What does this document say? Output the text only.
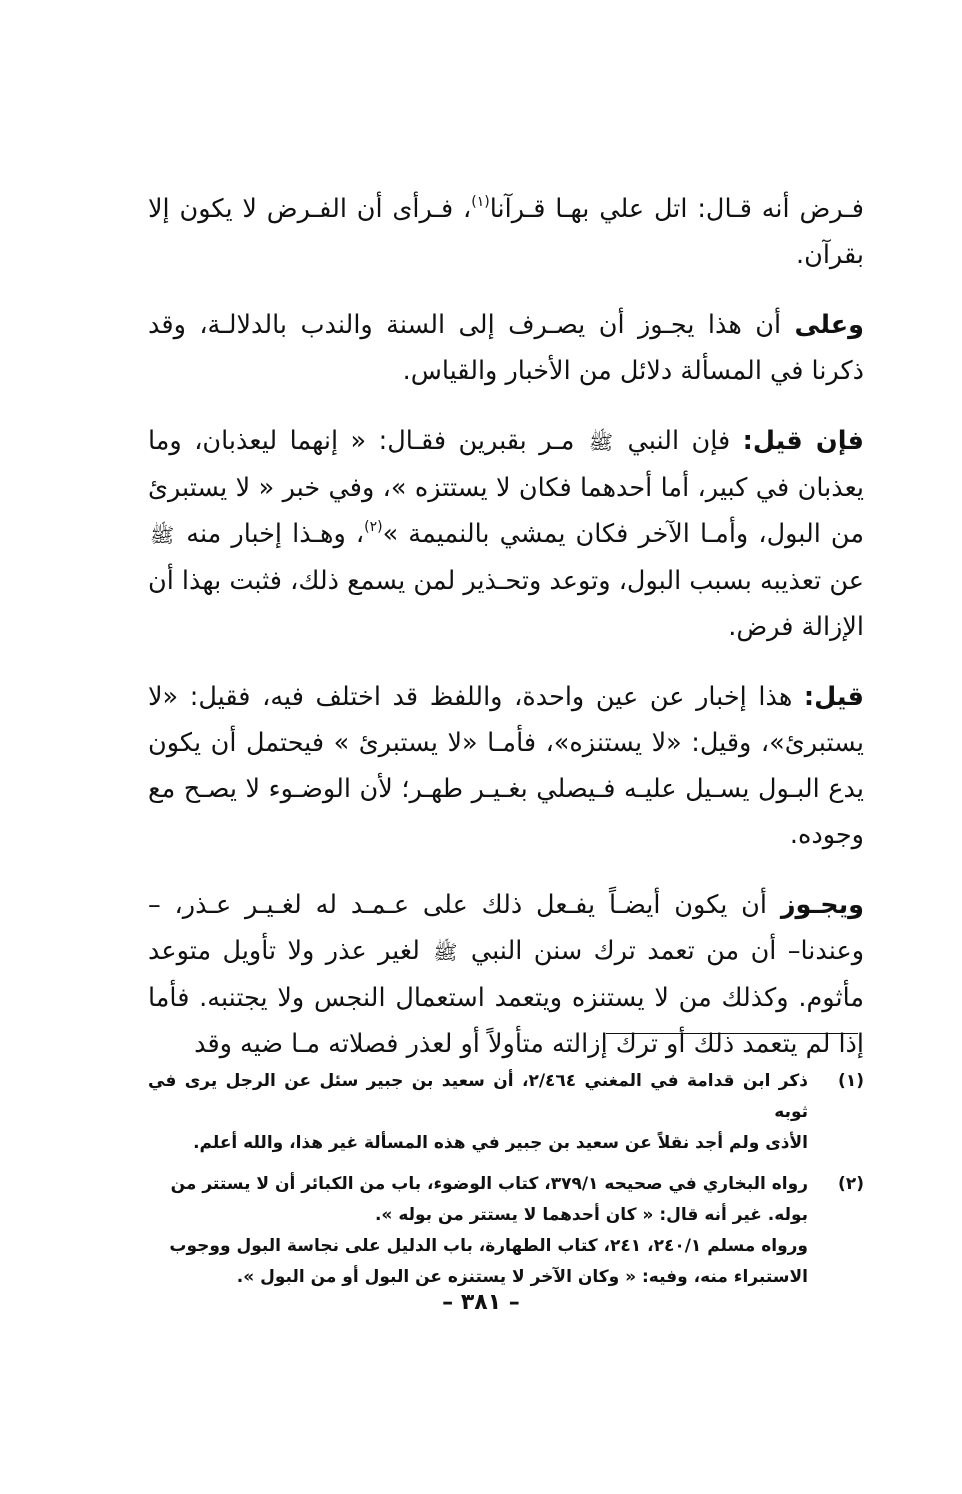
فـرض أنه قـال: اتل علي بهـا قـرآنا$^{(١)}$، فـرأى أن الفـرض لا يكون إلا بقرآن.

وعلى أن هذا يجـوز أن يصـرف إلى السنة والندب بالدلالـة، وقد ذكرنا في المسألة دلائل من الأخبار والقياس.

فإن قيل: فإن النبي ﷺ مـر بقبرين فقـال: « إنهما ليعذبان، وما يعذبان في كبير، أما أحدهما فكان لا يستتزه »، وفي خبر « لا يستبرئ من البول، وأمـا الآخر فكان يمشي بالنميمة »$^{(٢)}$، وهـذا إخبار منه ﷺ عن تعذيبه بسبب البول، وتوعد وتحـذير لمن يسمع ذلك، فثبت بهذا أن الإزالة فرض.

قيل: هذا إخبار عن عين واحدة، واللفظ قد اختلف فيه، فقيل: «لا يستبرئ»، وقيل: «لا يستنزه»، فأمـا «لا يستبرئ » فيحتمل أن يكون يدع البـول يسـيل عليـه فـيصلي بغـيـر طهـر؛ لأن الوضـوء لا يصـح مع وجوده.

ويجـوز أن يكون أيضـاً يفـعل ذلك على عـمـد له لغـيـر عـذر، – وعندنا– أن من تعمد ترك سنن النبي ﷺ لغير عذر ولا تأويل متوعد مأثوم. وكذلك من لا يستنزه ويتعمد استعمال النجس ولا يجتنبه. فأما إذا لم يتعمد ذلك أو ترك إزالته متأولاً أو لعذر فصلاته مـا ضيه وقد

(١)
ذكر ابن قدامة في المغني ٢/٤٦٤، أن سعيد بن جبير سئل عن الرجل يرى في ثوبه
الأذى ولم أجد نقلاً عن سعيد بن جبير في هذه المسألة غير هذا، والله أعلم.
(٢)
رواه البخاري في صحيحه ٣٧٩/١، كتاب الوضوء، باب من الكبائر أن لا يستتر من
بوله. غير أنه قال: « كان أحدهما لا يستتر من بوله ».
ورواه مسلم ٢٤٠/١، ٢٤١، كتاب الطهارة، باب الدليل على نجاسة البول ووجوب
الاستبراء منه، وفيه: « وكان الآخر لا يستنزه عن البول أو من البول ».
– ٣٨١ –
